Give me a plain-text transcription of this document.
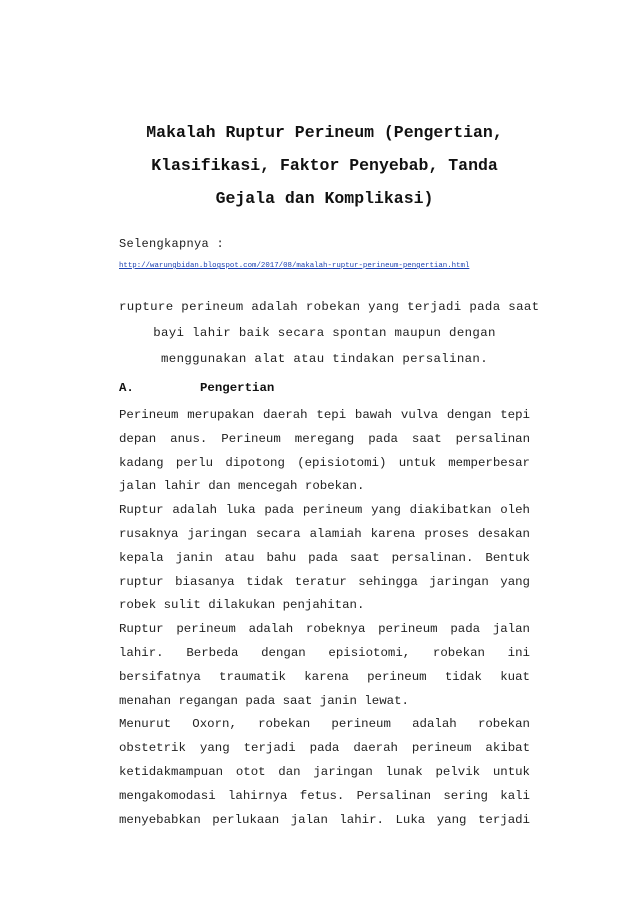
Makalah Ruptur Perineum (Pengertian,
Klasifikasi, Faktor Penyebab, Tanda
Gejala dan Komplikasi)
Selengkapnya :
http://warungbidan.blogspot.com/2017/08/makalah-ruptur-perineum-pengertian.html
rupture perineum adalah robekan yang terjadi pada saat
bayi lahir baik secara spontan maupun dengan
menggunakan alat atau tindakan persalinan.
A.	Pengertian
Perineum merupakan daerah tepi bawah vulva dengan tepi
depan anus. Perineum meregang pada saat persalinan
kadang perlu dipotong (episiotomi) untuk memperbesar
jalan lahir dan mencegah robekan.
Ruptur adalah luka pada perineum yang diakibatkan oleh
rusaknya jaringan secara alamiah karena proses desakan
kepala janin atau bahu pada saat persalinan. Bentuk
ruptur biasanya tidak teratur sehingga jaringan yang
robek sulit dilakukan penjahitan.
Ruptur perineum adalah robeknya perineum pada jalan
lahir. Berbeda dengan episiotomi, robekan ini
bersifatnya traumatik karena perineum tidak kuat
menahan regangan pada saat janin lewat.
Menurut Oxorn, robekan perineum adalah robekan
obstetrik yang terjadi pada daerah perineum akibat
ketidakmampuan otot dan jaringan lunak pelvik untuk
mengakomodasi lahirnya fetus. Persalinan sering kali
menyebabkan perlukaan jalan lahir. Luka yang terjadi
